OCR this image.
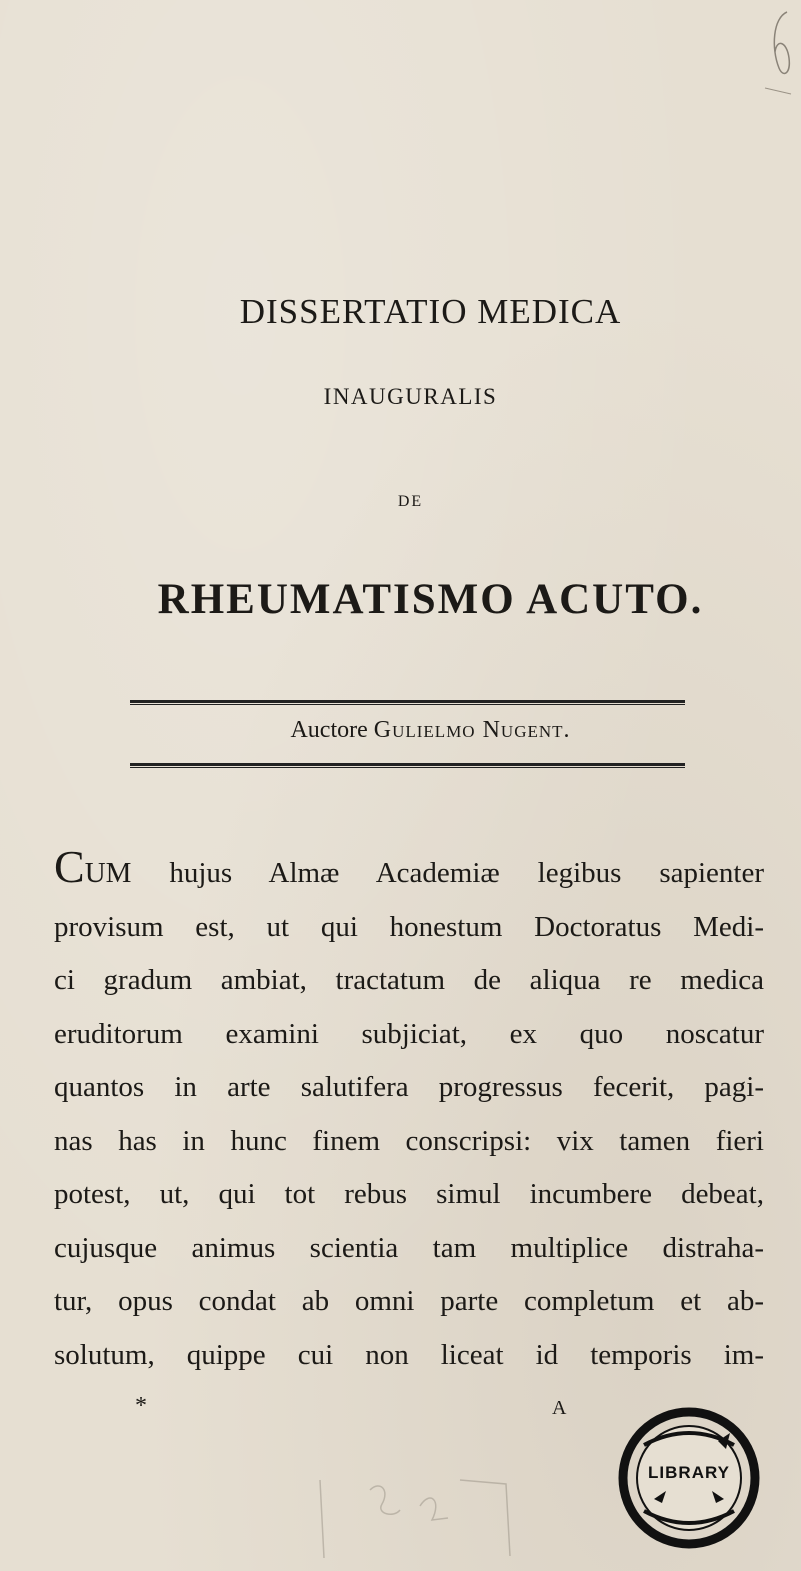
DISSERTATIO MEDICA
INAUGURALIS
DE
RHEUMATISMO ACUTO.
Auctore Gulielmo Nugent.
CUM hujus Almæ Academiæ legibus sapienter
provisum est, ut qui honestum Doctoratus Medi-
ci gradum ambiat, tractatum de aliqua re medica
eruditorum examini subjiciat, ex quo noscatur
quantos in arte salutifera progressus fecerit, pagi-
nas has in hunc finem conscripsi: vix tamen fieri
potest, ut, qui tot rebus simul incumbere debeat,
cujusque animus scientia tam multiplice distraha-
tur, opus condat ab omni parte completum et ab-
solutum, quippe cui non liceat id temporis im-
*	A
LIBRARY
